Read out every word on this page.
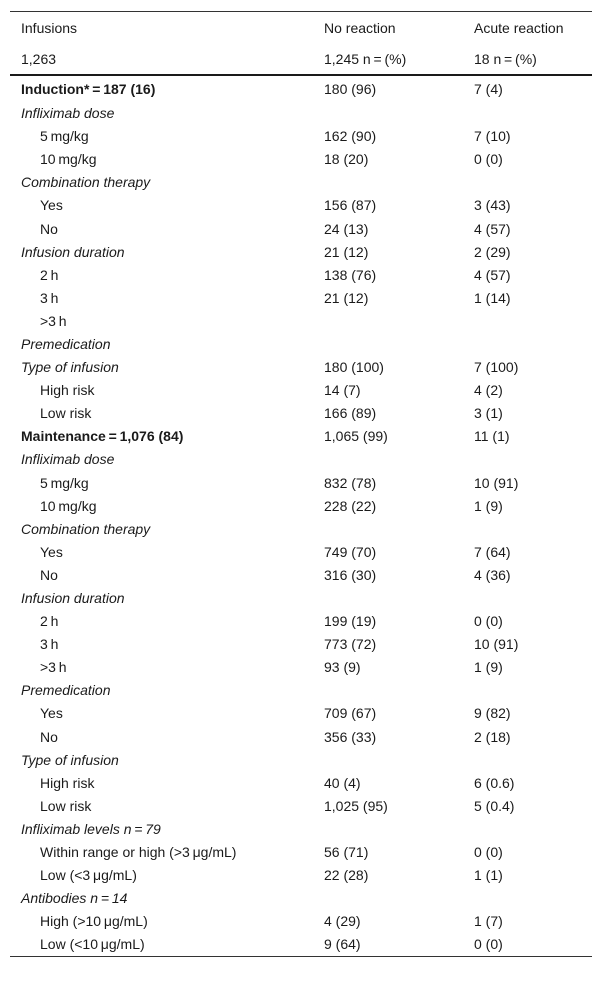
Infusions	No reaction	Acute reaction
1,263	1,245 n = (%)	18 n = (%)
Induction* = 187 (16)	180 (96)	7 (4)
Infliximab dose		
5 mg/kg	162 (90)	7 (10)
10 mg/kg	18 (20)	0 (0)
Combination therapy		
Yes	156 (87)	3 (43)
No	24 (13)	4 (57)
Infusion duration	21 (12)	2 (29)
2 h	138 (76)	4 (57)
3 h	21 (12)	1 (14)
>3 h		
Premedication		
Type of infusion	180 (100)	7 (100)
High risk	14 (7)	4 (2)
Low risk	166 (89)	3 (1)
Maintenance = 1,076 (84)	1,065 (99)	11 (1)
Infliximab dose		
5 mg/kg	832 (78)	10 (91)
10 mg/kg	228 (22)	1 (9)
Combination therapy		
Yes	749 (70)	7 (64)
No	316 (30)	4 (36)
Infusion duration		
2 h	199 (19)	0 (0)
3 h	773 (72)	10 (91)
>3 h	93 (9)	1 (9)
Premedication		
Yes	709 (67)	9 (82)
No	356 (33)	2 (18)
Type of infusion		
High risk	40 (4)	6 (0.6)
Low risk	1,025 (95)	5 (0.4)
Infliximab levels n = 79		
Within range or high (>3 μg/mL)	56 (71)	0 (0)
Low (<3 μg/mL)	22 (28)	1 (1)
Antibodies n = 14		
High (>10 μg/mL)	4 (29)	1 (7)
Low (<10 μg/mL)	9 (64)	0 (0)
